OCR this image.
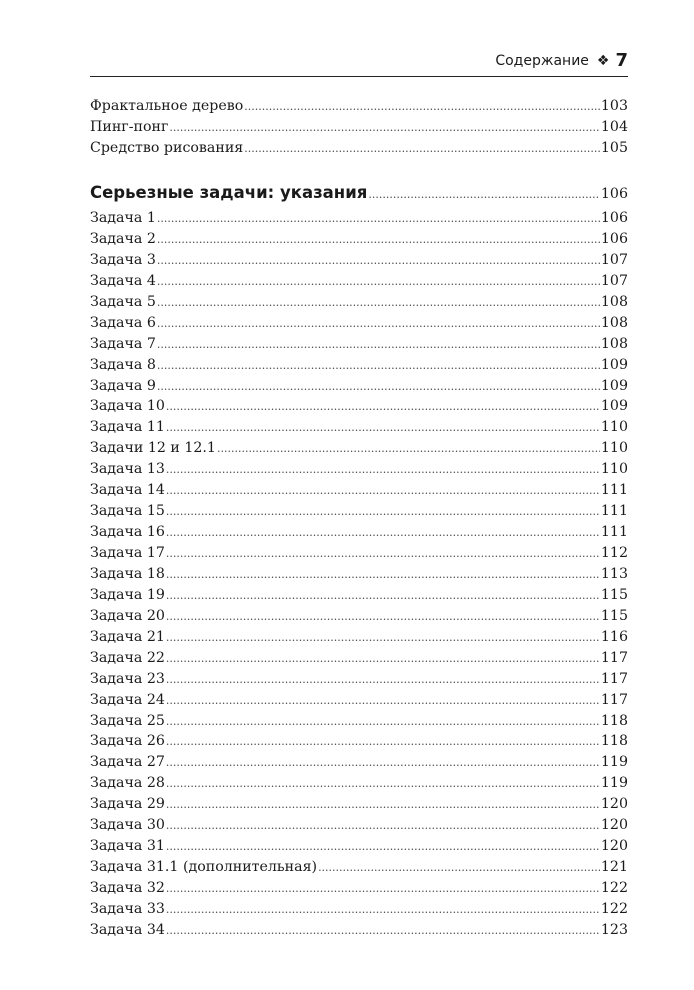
Содержание ❖ 7
Фрактальное дерево .....	103
Пинг-понг .....	104
Средство рисования .....	105
Серьезные задачи: указания .....	106
Задача 1 .....	106
Задача 2 .....	106
Задача 3 .....	107
Задача 4 .....	107
Задача 5 .....	108
Задача 6 .....	108
Задача 7 .....	108
Задача 8 .....	109
Задача 9 .....	109
Задача 10 .....	109
Задача 11 .....	110
Задачи 12 и 12.1 .....	110
Задача 13 .....	110
Задача 14 .....	111
Задача 15 .....	111
Задача 16 .....	111
Задача 17 .....	112
Задача 18 .....	113
Задача 19 .....	115
Задача 20 .....	115
Задача 21 .....	116
Задача 22 .....	117
Задача 23 .....	117
Задача 24 .....	117
Задача 25 .....	118
Задача 26 .....	118
Задача 27 .....	119
Задача 28 .....	119
Задача 29 .....	120
Задача 30 .....	120
Задача 31 .....	120
Задача 31.1 (дополнительная) .....	121
Задача 32 .....	122
Задача 33 .....	122
Задача 34 .....	123
